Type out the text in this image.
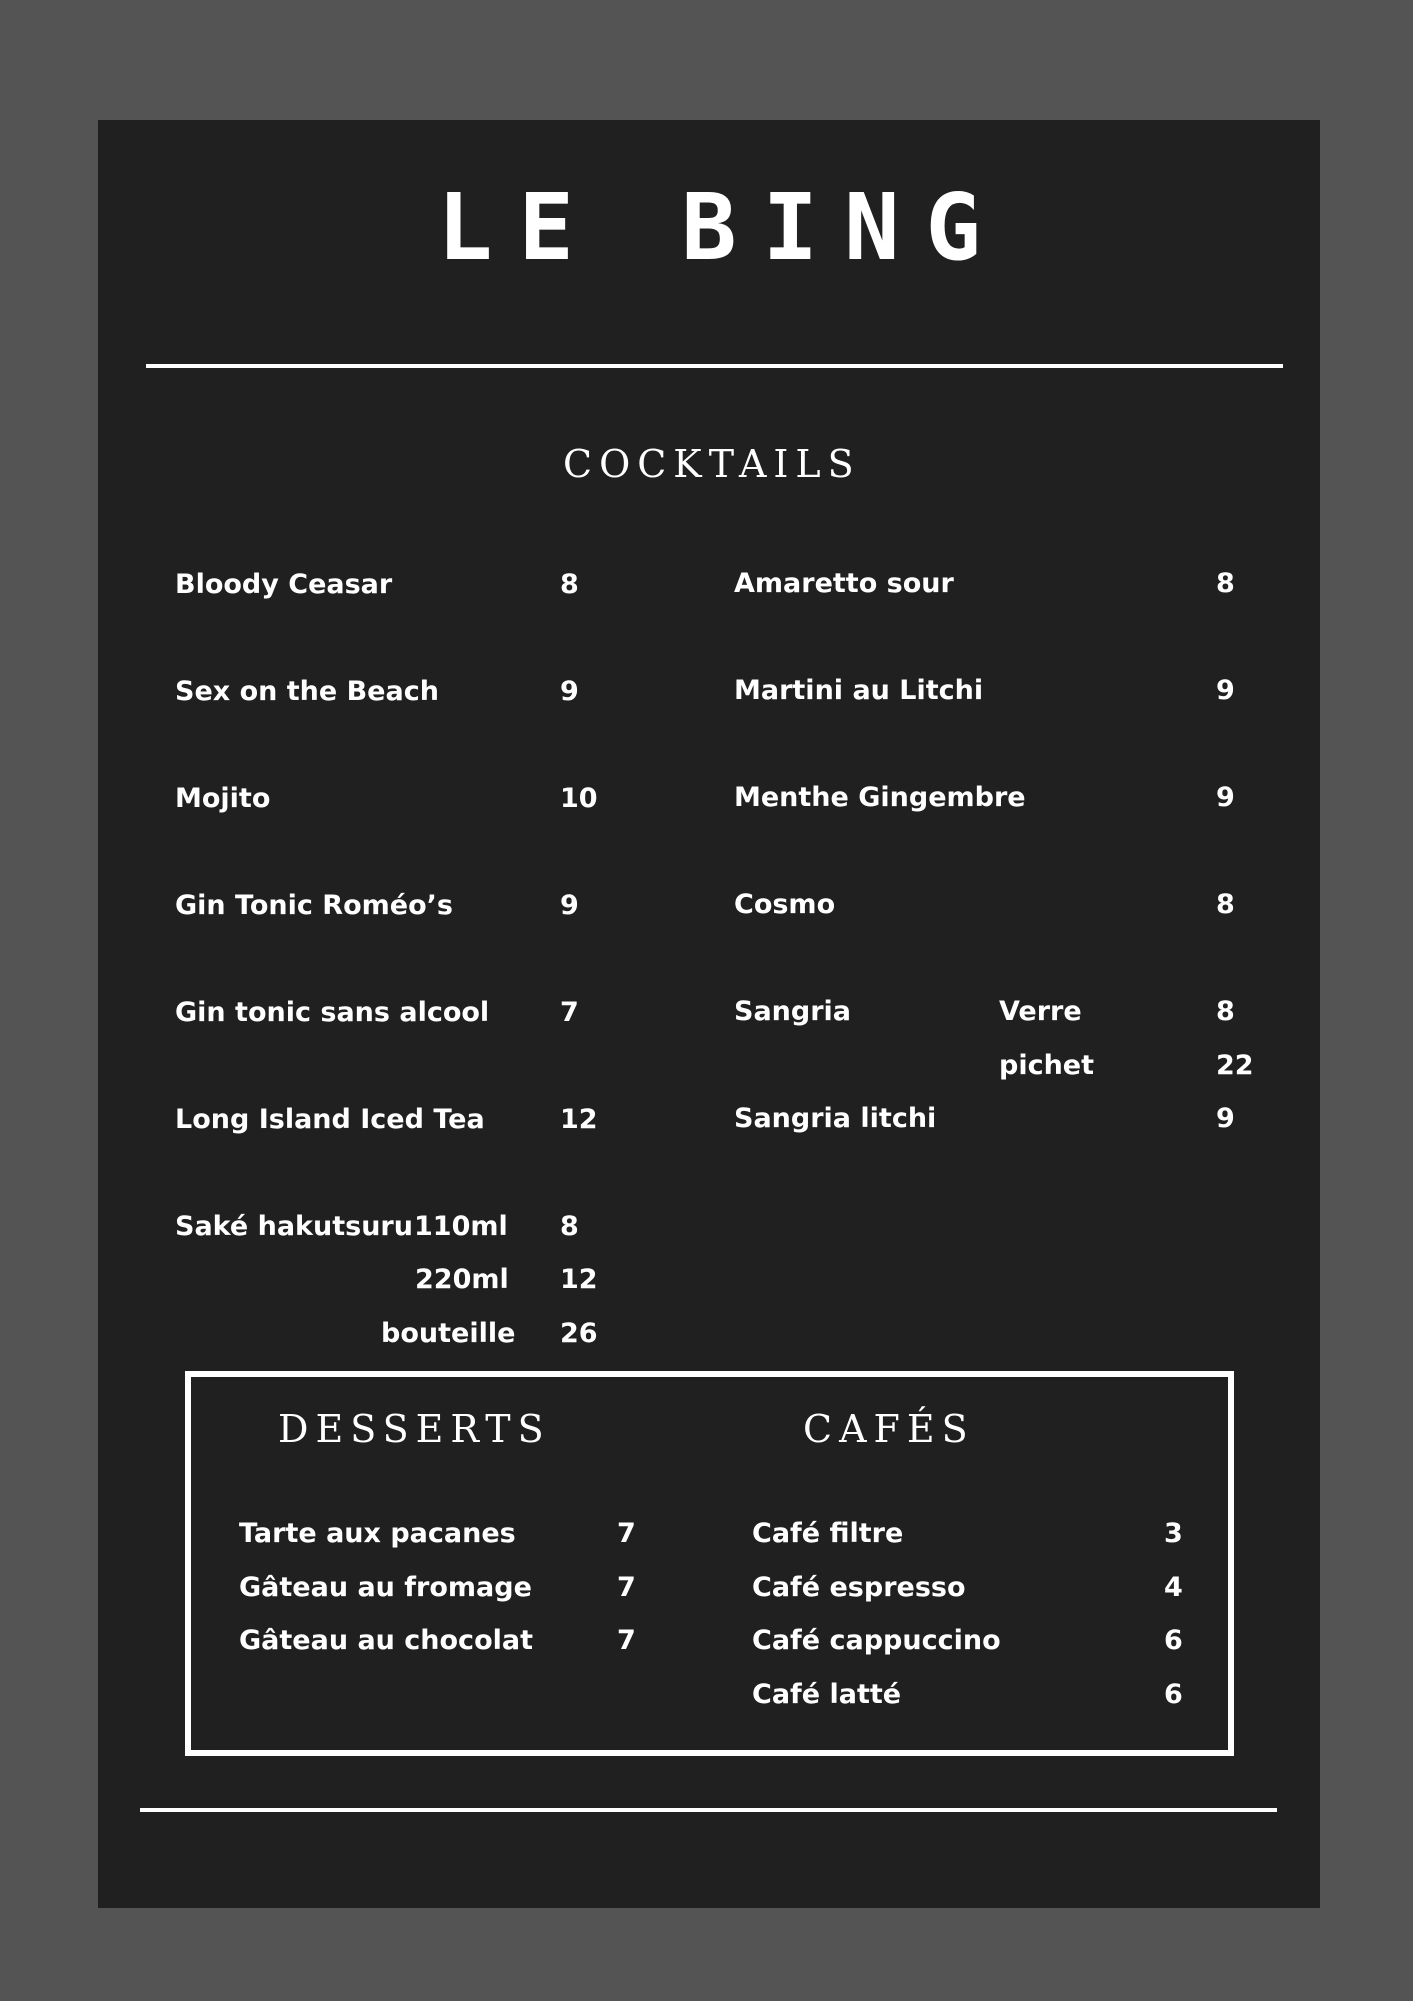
LE BING
COCKTAILS
Bloody Ceasar	8
Sex on the Beach	9
Mojito	10
Gin Tonic Roméo’s	9
Gin tonic sans alcool	7
Long Island Iced Tea	12
Saké hakutsuru 110ml 8
220ml 12
bouteille 26
Amaretto sour	8
Martini au Litchi	9
Menthe Gingembre	9
Cosmo	8
Sangria	Verre	8
pichet	22
Sangria litchi	9
DESSERTS	CAFÉS
Tarte aux pacanes	7
Gâteau au fromage	7
Gâteau au chocolat	7
Café filtre	3
Café espresso	4
Café cappuccino	6
Café latté	6
